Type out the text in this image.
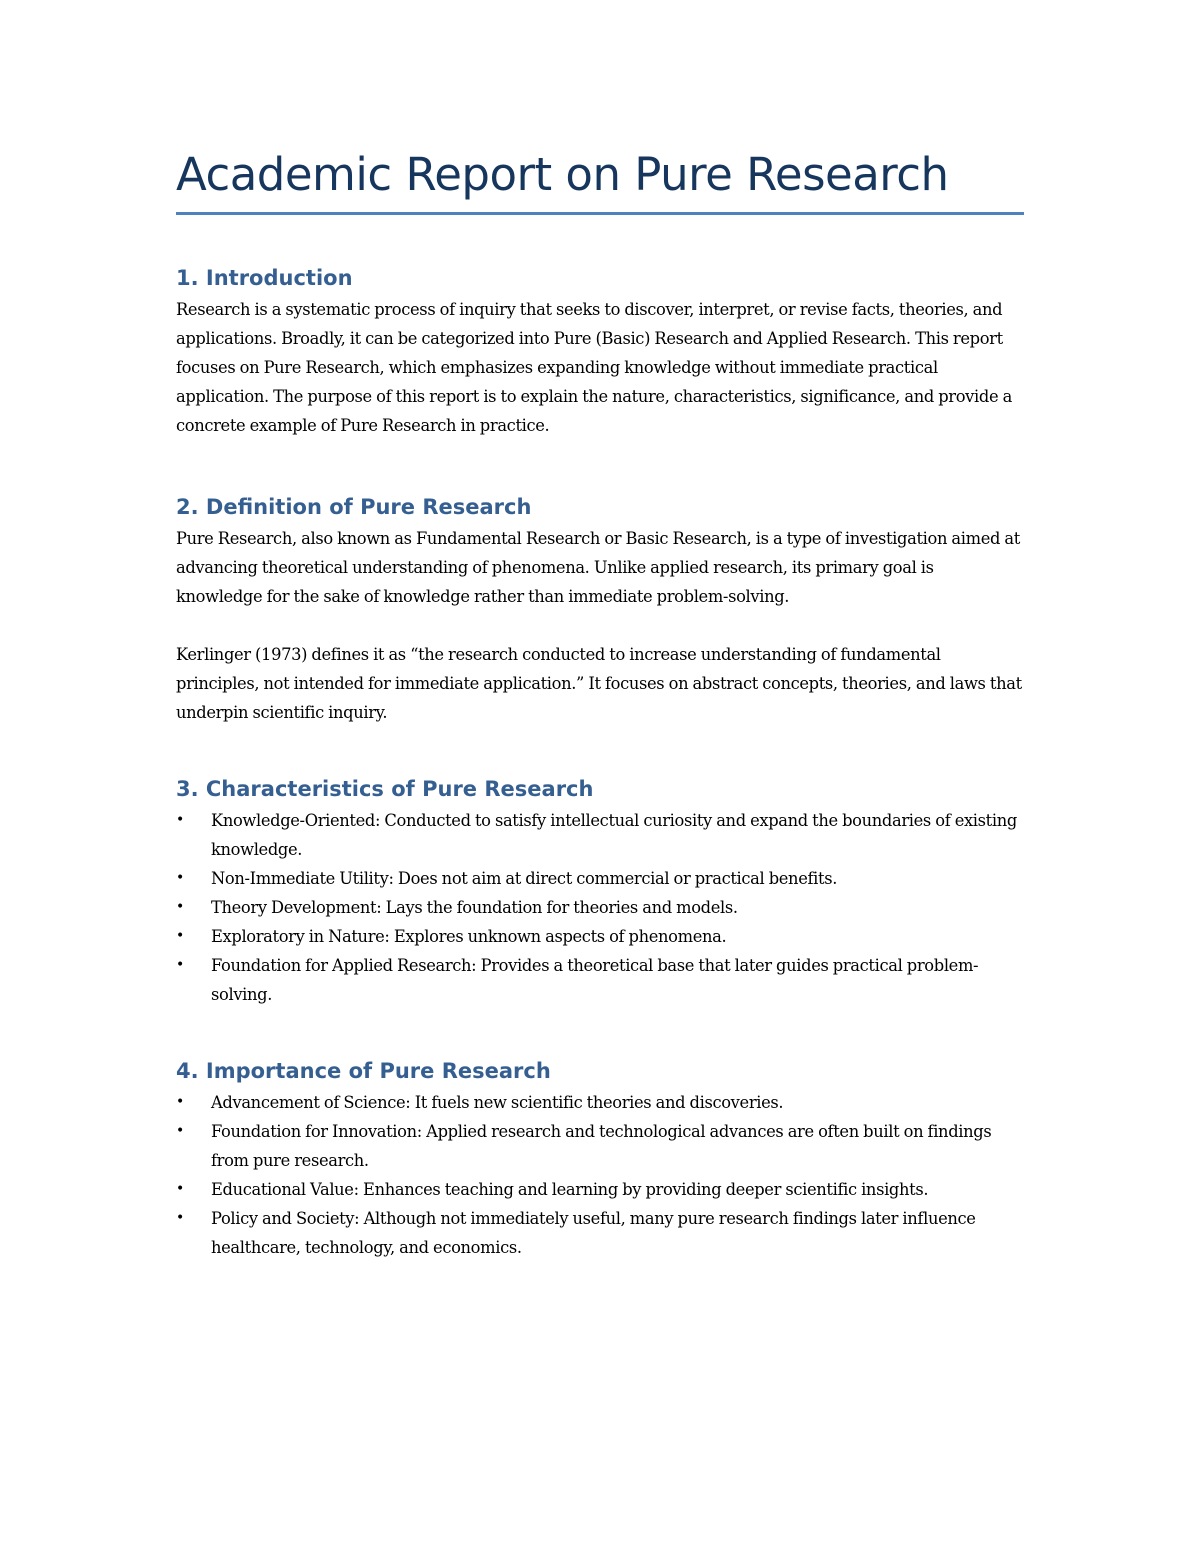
Academic Report on Pure Research
1. Introduction

Research is a systematic process of inquiry that seeks to discover, interpret, or revise facts, theories, and applications. Broadly, it can be categorized into Pure (Basic) Research and Applied Research. This report focuses on Pure Research, which emphasizes expanding knowledge without immediate practical application. The purpose of this report is to explain the nature, characteristics, significance, and provide a concrete example of Pure Research in practice.

2. Definition of Pure Research

Pure Research, also known as Fundamental Research or Basic Research, is a type of investigation aimed at advancing theoretical understanding of phenomena. Unlike applied research, its primary goal is knowledge for the sake of knowledge rather than immediate problem-solving.

Kerlinger (1973) defines it as “the research conducted to increase understanding of fundamental principles, not intended for immediate application.” It focuses on abstract concepts, theories, and laws that underpin scientific inquiry.

3. Characteristics of Pure Research
• Knowledge-Oriented: Conducted to satisfy intellectual curiosity and expand the boundaries of existing knowledge.
• Non-Immediate Utility: Does not aim at direct commercial or practical benefits.
• Theory Development: Lays the foundation for theories and models.
• Exploratory in Nature: Explores unknown aspects of phenomena.
• Foundation for Applied Research: Provides a theoretical base that later guides practical problem-solving.
4. Importance of Pure Research
• Advancement of Science: It fuels new scientific theories and discoveries.
• Foundation for Innovation: Applied research and technological advances are often built on findings from pure research.
• Educational Value: Enhances teaching and learning by providing deeper scientific insights.
• Policy and Society: Although not immediately useful, many pure research findings later influence healthcare, technology, and economics.
